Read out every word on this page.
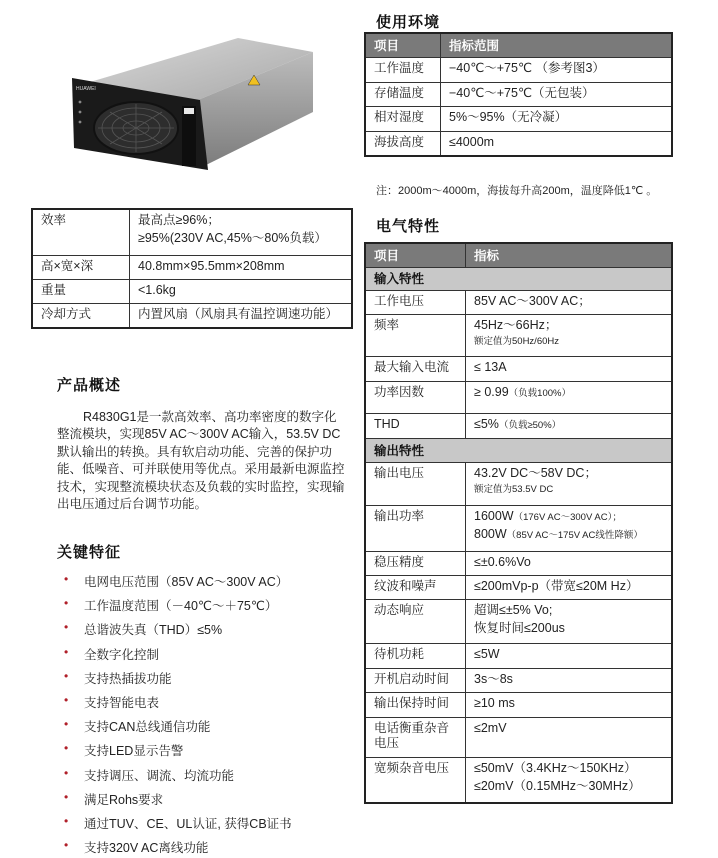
HUAWEI
效率	最高点≥96%；
≥95%(230V AC,45%～80%负载）

高×宽×深	40.8mm×95.5mm×208mm
重量	<1.6kg
冷却方式	内置风扇（风扇具有温控调速功能）
产品概述

R4830G1是一款高效率、高功率密度的数字化整流模块，实现85V AC～300V AC输入，53.5V DC默认输出的转换。具有软启动功能、完善的保护功能、低噪音、可并联使用等优点。采用最新电源监控技术，实现整流模块状态及负载的实时监控，实现输出电压通过后台调节功能。

关键特征
•	电网电压范围（85V AC～300V AC）
•	工作温度范围（－40℃～＋75℃）
•	总谐波失真（THD）≤5%
•	全数字化控制
•	支持热插拔功能
•	支持智能电表
•	支持CAN总线通信功能
•	支持LED显示告警
•	支持调压、调流、均流功能
•	满足Rohs要求
•	通过TUV、CE、UL认证, 获得CB证书
•	支持320V AC离线功能
使用环境
项目	指标范围
工作温度	−40℃～+75℃ （参考图3）
存储温度	−40℃～+75℃（无包装）
相对湿度	5%～95%（无冷凝）
海拔高度	≤4000m
注：2000m～4000m，海拔每升高200m，温度降低1℃ 。
电气特性
项目	指标
输入特性	
工作电压	85V AC～300V AC；
频率	45Hz～66Hz；
额定值为50Hz/60Hz

最大输入电流	≤ 13A
功率因数	≥ 0.99（负载100%）
THD	≤5%（负载≥50%）
输出特性	
输出电压	43.2V DC～58V DC；
额定值为53.5V DC

输出功率	1600W（176V AC～300V AC）；
800W（85V AC～175V AC线性降额）

稳压精度	≤±0.6%Vo
纹波和噪声	≤200mVp-p（带宽≤20M Hz）
动态响应	超调≤±5% Vo;
恢复时间≤200us

待机功耗	≤5W
开机启动时间	3s～8s
输出保持时间	≥10 ms
电话衡重杂音
电压	≤2mV
宽频杂音电压	≤50mV（3.4KHz～150KHz）
≤20mV（0.15MHz～30MHz）
